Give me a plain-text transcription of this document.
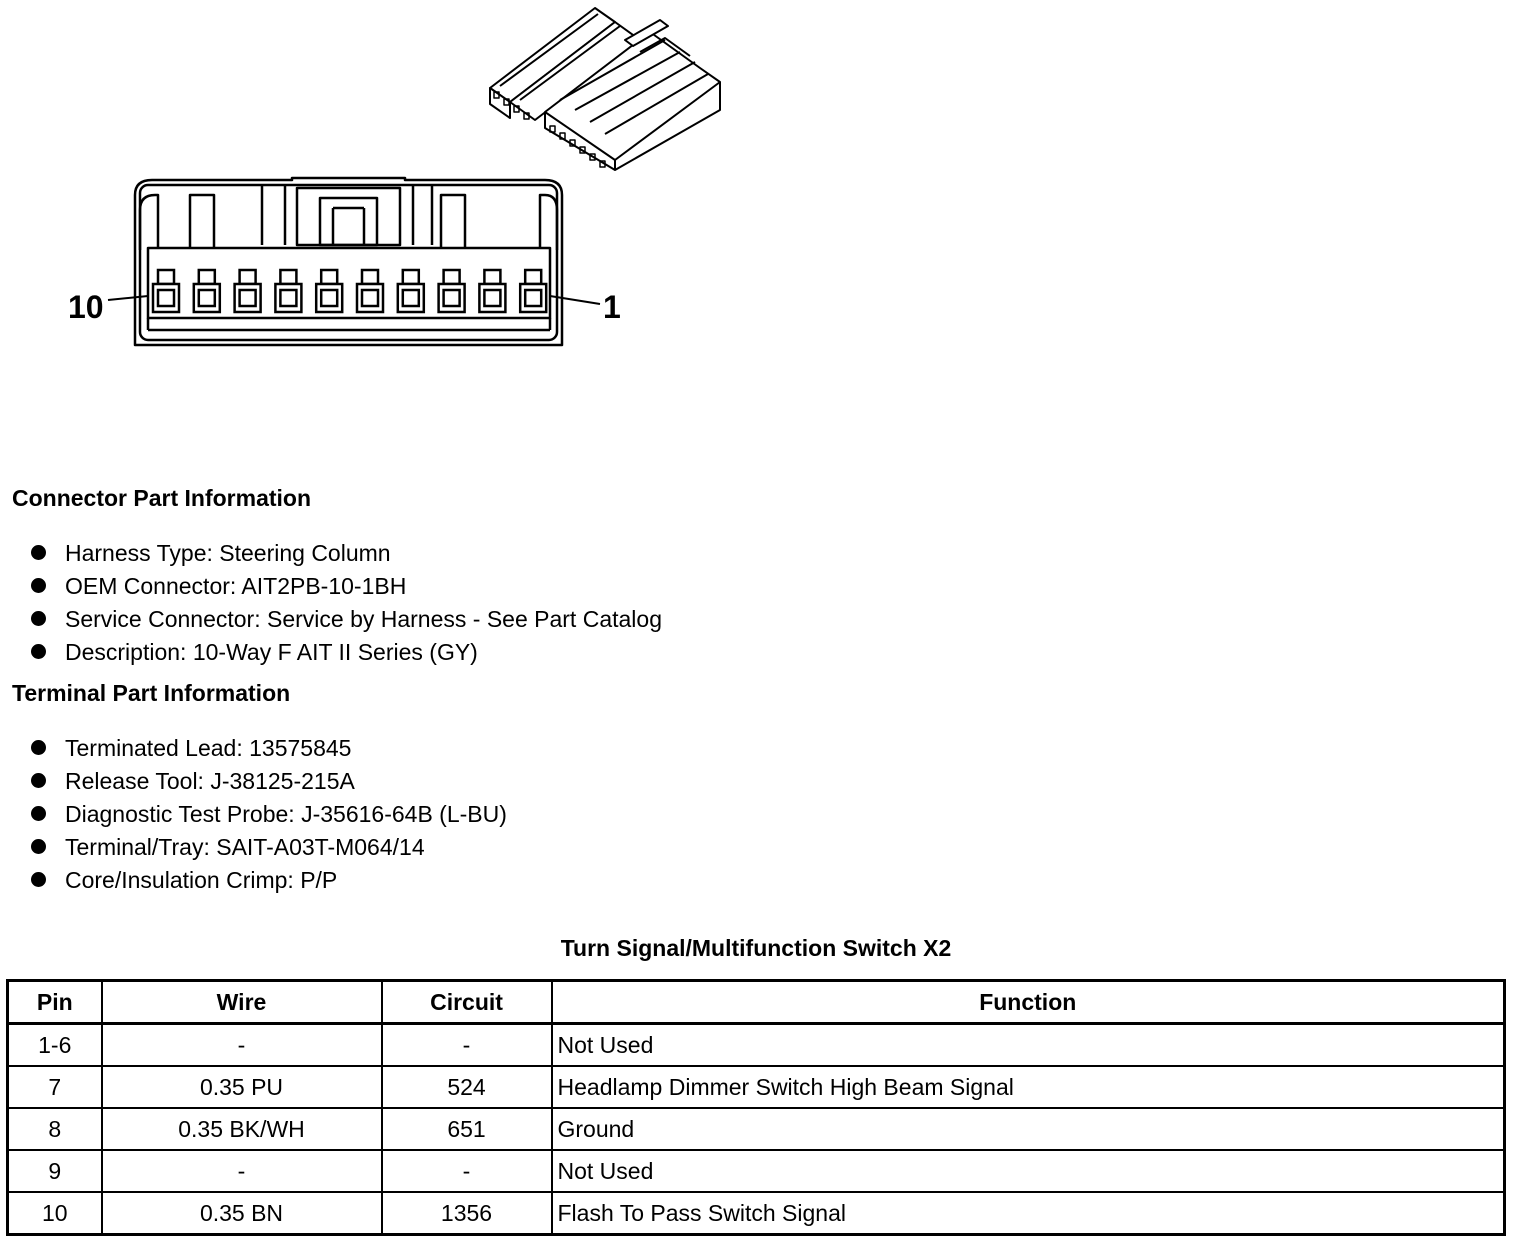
10	1
Connector Part Information
Harness Type: Steering Column
OEM Connector: AIT2PB-10-1BH
Service Connector: Service by Harness - See Part Catalog
Description: 10-Way F AIT II Series (GY)
Terminal Part Information
Terminated Lead: 13575845
Release Tool: J-38125-215A
Diagnostic Test Probe: J-35616-64B (L-BU)
Terminal/Tray: SAIT-A03T-M064/14
Core/Insulation Crimp: P/P
Turn Signal/Multifunction Switch X2
Pin	Wire	Circuit	Function
1-6	-	-	Not Used
7	0.35 PU	524	Headlamp Dimmer Switch High Beam Signal
8	0.35 BK/WH	651	Ground
9	-	-	Not Used
10	0.35 BN	1356	Flash To Pass Switch Signal
